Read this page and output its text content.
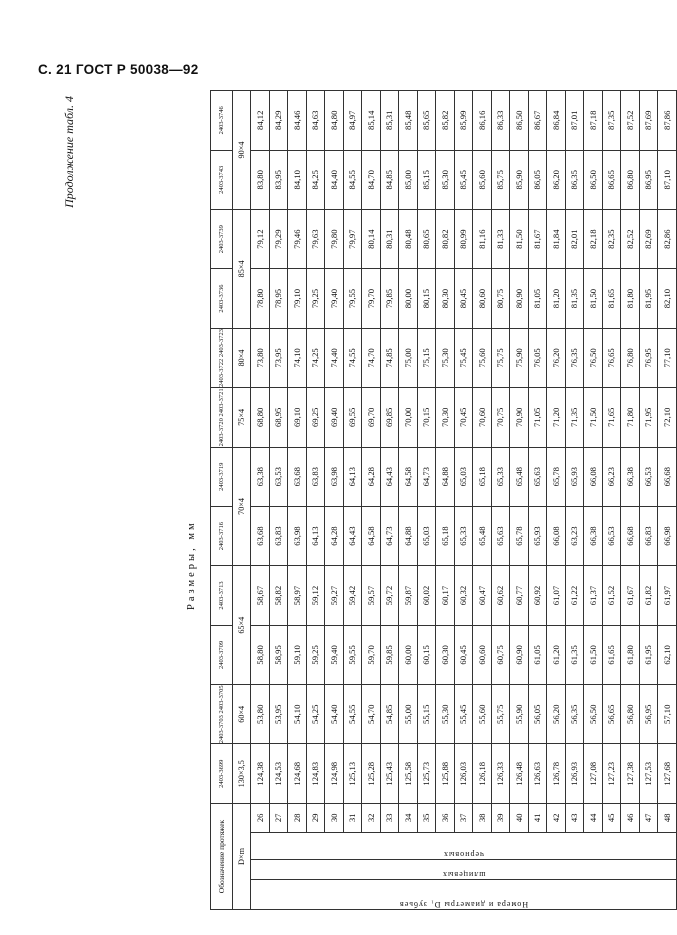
С. 21 ГОСТ Р 50038—92
Продолжение табл. 4
Размеры, мм
Обозначение протяжек				2403-3699	2403-3703 2403-3705	2403-3709	2403-3713	2403-3716	2403-3719	2403-3720 2403-3721	2403-3722 2403-3723	2403-3736	2403-3739	2403-3743	2403-3746
D×m				130×3,5	60×4	65×4		70×4		75×4	80×4	85×4		90×4	

Номера и диаметры D₁ зубьев	шлицевых	черновых	26	124,38	53,80	58,80	58,67	63,68	63,38	68,80	73,80	78,80	79,12	83,80	84,12
			27	124,53	53,95	58,95	58,82	63,83	63,53	68,95	73,95	78,95	79,29	83,95	84,29
			28	124,68	54,10	59,10	58,97	63,98	63,68	69,10	74,10	79,10	79,46	84,10	84,46
			29	124,83	54,25	59,25	59,12	64,13	63,83	69,25	74,25	79,25	79,63	84,25	84,63
			30	124,98	54,40	59,40	59,27	64,28	63,98	69,40	74,40	79,40	79,80	84,40	84,80
			31	125,13	54,55	59,55	59,42	64,43	64,13	69,55	74,55	79,55	79,97	84,55	84,97
			32	125,28	54,70	59,70	59,57	64,58	64,28	69,70	74,70	79,70	80,14	84,70	85,14
			33	125,43	54,85	59,85	59,72	64,73	64,43	69,85	74,85	79,85	80,31	84,85	85,31
			34	125,58	55,00	60,00	59,87	64,88	64,58	70,00	75,00	80,00	80,48	85,00	85,48
			35	125,73	55,15	60,15	60,02	65,03	64,73	70,15	75,15	80,15	80,65	85,15	85,65
			36	125,88	55,30	60,30	60,17	65,18	64,88	70,30	75,30	80,30	80,82	85,30	85,82
			37	126,03	55,45	60,45	60,32	65,33	65,03	70,45	75,45	80,45	80,99	85,45	85,99
			38	126,18	55,60	60,60	60,47	65,48	65,18	70,60	75,60	80,60	81,16	85,60	86,16
			39	126,33	55,75	60,75	60,62	65,63	65,33	70,75	75,75	80,75	81,33	85,75	86,33
			40	126,48	55,90	60,90	60,77	65,78	65,48	70,90	75,90	80,90	81,50	85,90	86,50
			41	126,63	56,05	61,05	60,92	65,93	65,63	71,05	76,05	81,05	81,67	86,05	86,67
			42	126,78	56,20	61,20	61,07	66,08	65,78	71,20	76,20	81,20	81,84	86,20	86,84
			43	126,93	56,35	61,35	61,22	63,23	65,93	71,35	76,35	81,35	82,01	86,35	87,01
			44	127,08	56,50	61,50	61,37	66,38	66,08	71,50	76,50	81,50	82,18	86,50	87,18
			45	127,23	56,65	61,65	61,52	66,53	66,23	71,65	76,65	81,65	82,35	86,65	87,35
			46	127,38	56,80	61,80	61,67	66,68	66,38	71,80	76,80	81,80	82,52	86,80	87,52
			47	127,53	56,95	61,95	61,82	66,83	66,53	71,95	76,95	81,95	82,69	86,95	87,69
			48	127,68	57,10	62,10	61,97	66,98	66,68	72,10	77,10	82,10	82,86	87,10	87,86
